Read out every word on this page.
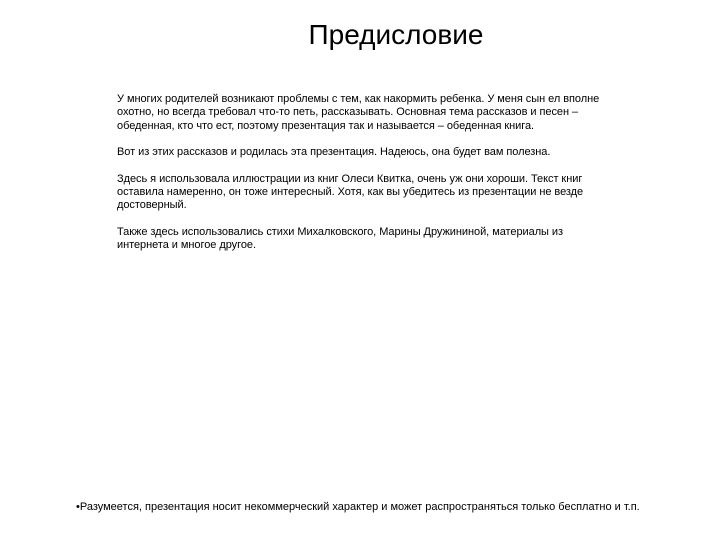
Предисловие

У многих родителей возникают проблемы с тем, как накормить ребенка. У меня сын ел вполне охотно, но всегда требовал что-то петь, рассказывать. Основная тема рассказов и песен – обеденная, кто что ест, поэтому презентация так и называется – обеденная книга.

Вот из этих рассказов и родилась эта презентация. Надеюсь, она будет вам полезна.

Здесь я использовала иллюстрации из книг Олеси Квитка, очень уж они хороши. Текст книг оставила намеренно, он тоже интересный. Хотя, как вы убедитесь из презентации не везде достоверный.

Также здесь использовались стихи Михалковского, Марины Дружининой, материалы из интернета и многое другое.

•Разумеется, презентация носит некоммерческий характер и может распространяться только бесплатно и т.п.
